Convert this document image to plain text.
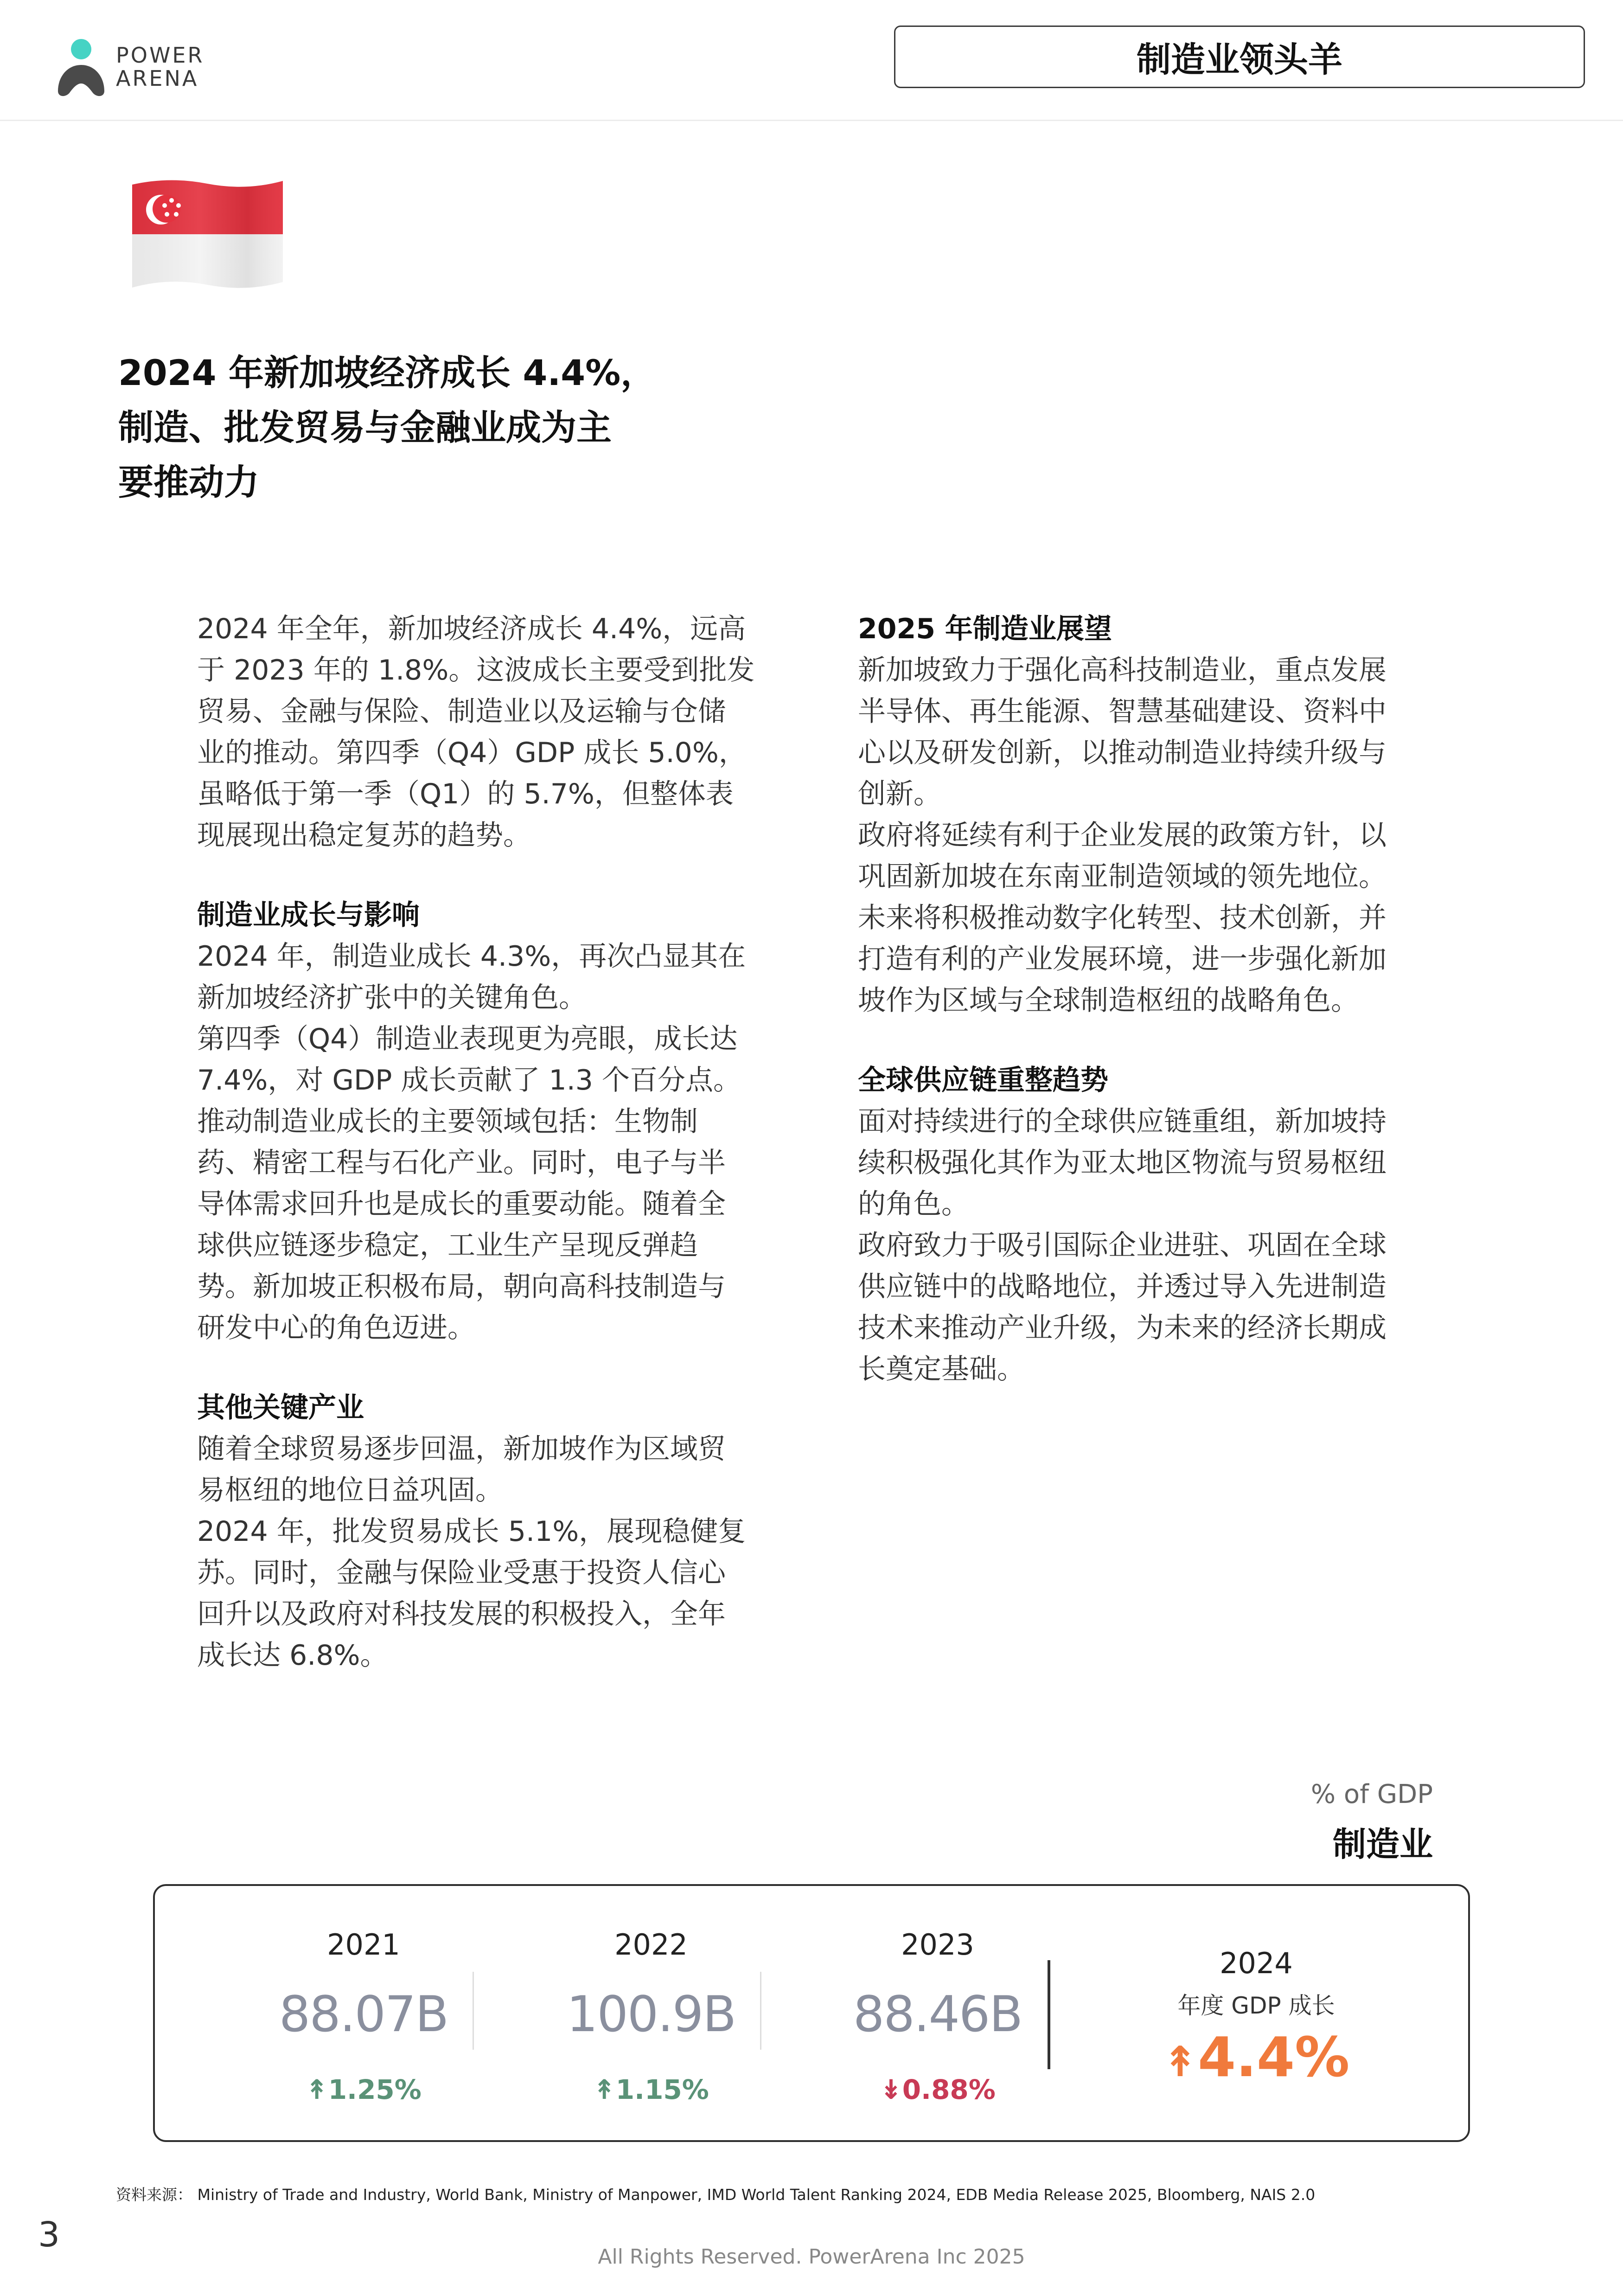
POWER
ARENA	制造业领头羊
2024 年新加坡经济成长 4.4%，
制造、批发贸易与金融业成为主
要推动力

2024 年全年，新加坡经济成长 4.4%，远高

于 2023 年的 1.8%。这波成长主要受到批发

贸易、金融与保险、制造业以及运输与仓储

业的推动。第四季（Q4）GDP 成长 5.0%，

虽略低于第一季（Q1）的 5.7%，但整体表

现展现出稳定复苏的趋势。

制造业成长与影响

2024 年，制造业成长 4.3%，再次凸显其在

新加坡经济扩张中的关键角色。

第四季（Q4）制造业表现更为亮眼，成长达

7.4%，对 GDP 成长贡献了 1.3 个百分点。

推动制造业成长的主要领域包括：生物制

药、精密工程与石化产业。同时，电子与半

导体需求回升也是成长的重要动能。随着全

球供应链逐步稳定，工业生产呈现反弹趋

势。新加坡正积极布局，朝向高科技制造与

研发中心的角色迈进。

其他关键产业

随着全球贸易逐步回温，新加坡作为区域贸

易枢纽的地位日益巩固。

2024 年，批发贸易成长 5.1%，展现稳健复

苏。同时，金融与保险业受惠于投资人信心

回升以及政府对科技发展的积极投入，全年

成长达 6.8%。

2025 年制造业展望

新加坡致力于强化高科技制造业，重点发展

半导体、再生能源、智慧基础建设、资料中

心以及研发创新，以推动制造业持续升级与

创新。

政府将延续有利于企业发展的政策方针，以

巩固新加坡在东南亚制造领域的领先地位。

未来将积极推动数字化转型、技术创新，并

打造有利的产业发展环境，进一步强化新加

坡作为区域与全球制造枢纽的战略角色。

全球供应链重整趋势

面对持续进行的全球供应链重组，新加坡持

续积极强化其作为亚太地区物流与贸易枢纽

的角色。

政府致力于吸引国际企业进驻、巩固在全球

供应链中的战略地位，并透过导入先进制造

技术来推动产业升级，为未来的经济长期成

长奠定基础。

% of GDP
制造业
2021
88.07B
↟1.25%
2022
100.9B
↟1.15%
2023
88.46B
↡0.88%
2024
年度 GDP 成长
↟4.4%
资料来源： Ministry of Trade and Industry, World Bank, Ministry of Manpower, IMD World Talent Ranking 2024, EDB Media Release 2025, Bloomberg, NAIS 2.0
3
All Rights Reserved. PowerArena Inc 2025
